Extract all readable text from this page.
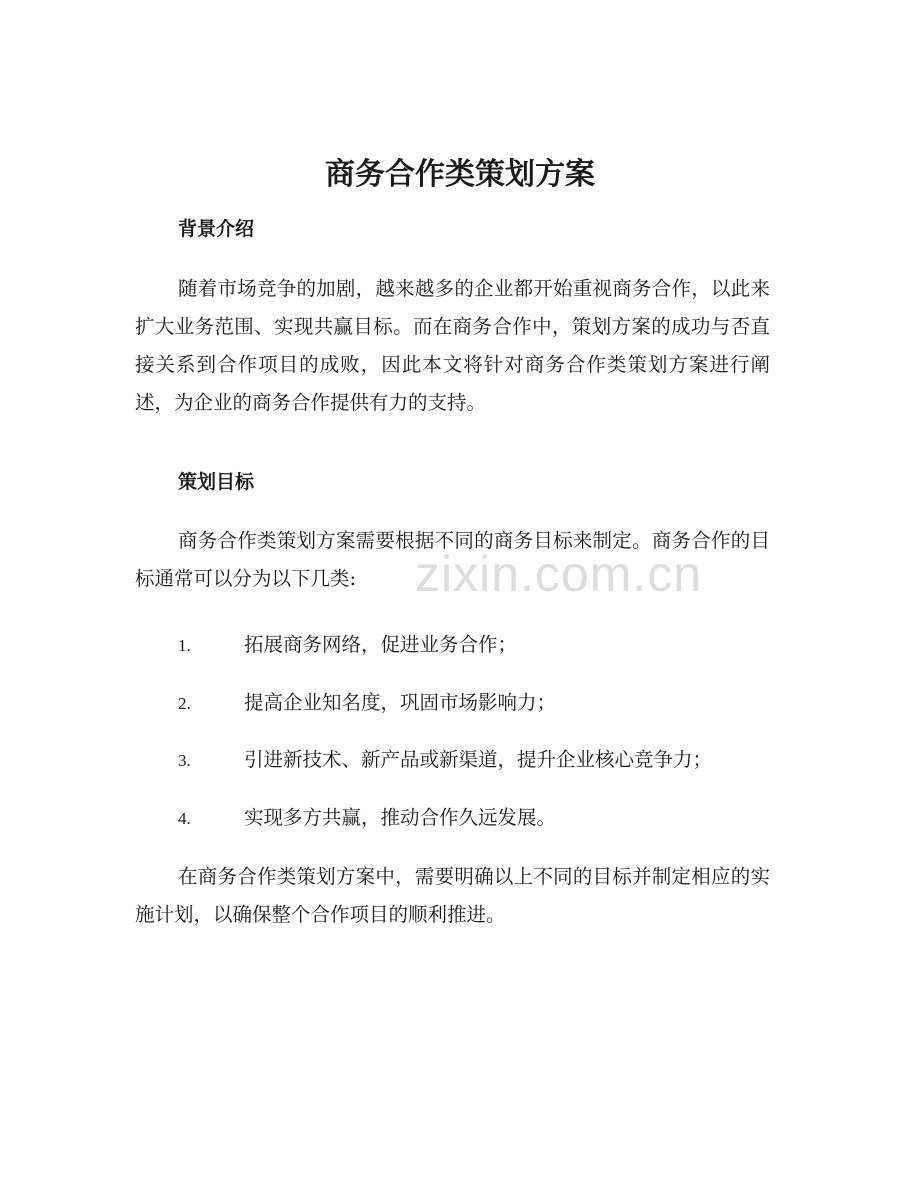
商务合作类策划方案
背景介绍

随着市场竞争的加剧，越来越多的企业都开始重视商务合作，以此来扩大业务范围、实现共赢目标。而在商务合作中，策划方案的成功与否直接关系到合作项目的成败，因此本文将针对商务合作类策划方案进行阐述，为企业的商务合作提供有力的支持。

策划目标

商务合作类策划方案需要根据不同的商务目标来制定。商务合作的目标通常可以分为以下几类:

1.	拓展商务网络，促进业务合作；
2.	提高企业知名度，巩固市场影响力；
3.	引进新技术、新产品或新渠道，提升企业核心竞争力；
4.	实现多方共赢，推动合作久远发展。

在商务合作类策划方案中，需要明确以上不同的目标并制定相应的实施计划，以确保整个合作项目的顺利推进。

zixin.com.cn
